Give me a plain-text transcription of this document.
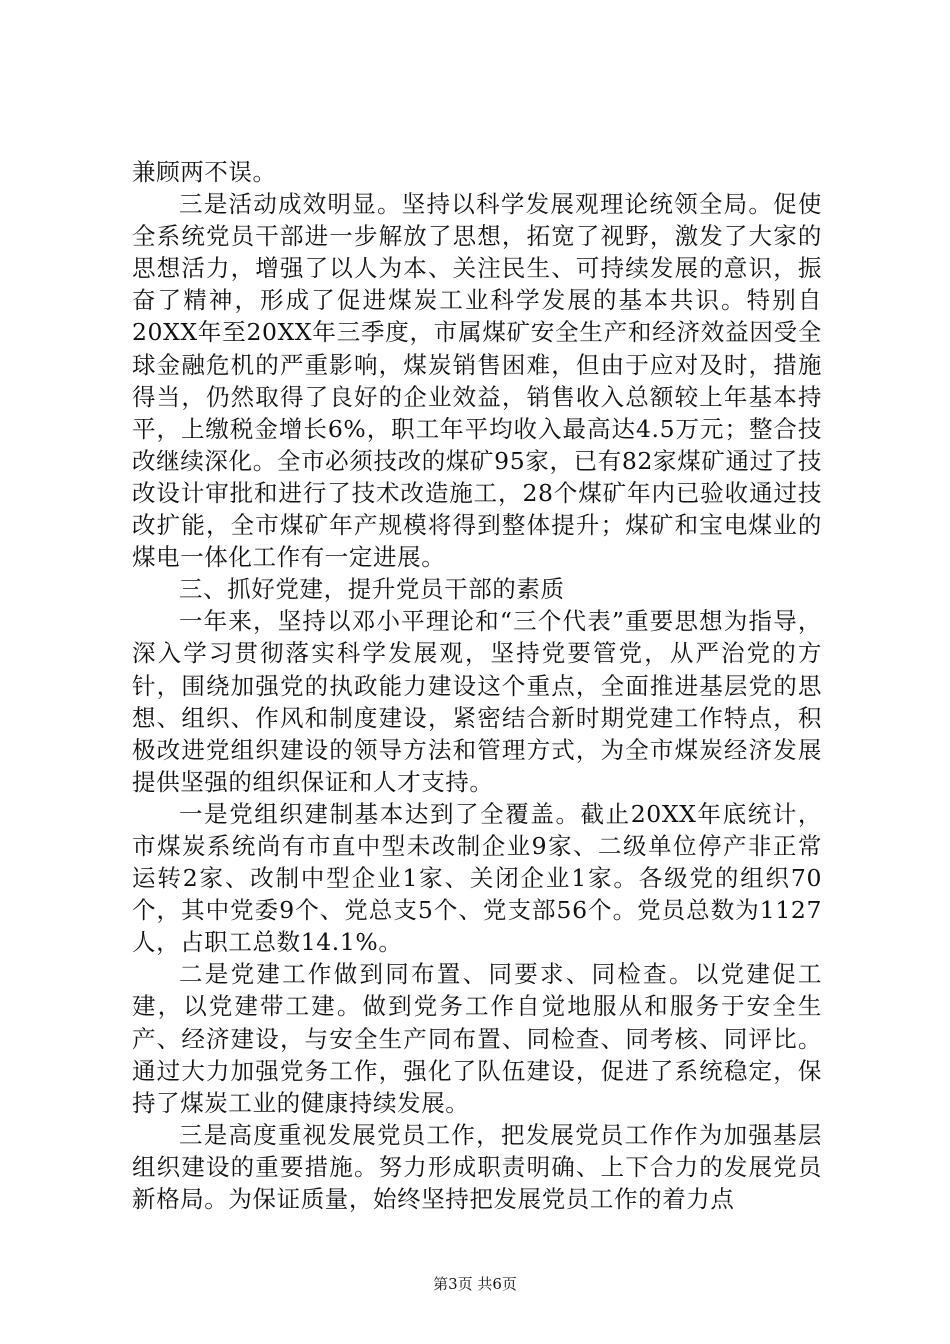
兼顾两不误。

三是活动成效明显。坚持以科学发展观理论统领全局。促使全系统党员干部进一步解放了思想，拓宽了视野，激发了大家的思想活力，增强了以人为本、关注民生、可持续发展的意识，振奋了精神，形成了促进煤炭工业科学发展的基本共识。特别自20XX年至20XX年三季度，市属煤矿安全生产和经济效益因受全球金融危机的严重影响，煤炭销售困难，但由于应对及时，措施得当，仍然取得了良好的企业效益，销售收入总额较上年基本持平，上缴税金增长6%，职工年平均收入最高达4.5万元；整合技改继续深化。全市必须技改的煤矿95家，已有82家煤矿通过了技改设计审批和进行了技术改造施工，28个煤矿年内已验收通过技改扩能，全市煤矿年产规模将得到整体提升；煤矿和宝电煤业的煤电一体化工作有一定进展。

三、抓好党建，提升党员干部的素质

一年来，坚持以邓小平理论和“三个代表”重要思想为指导，深入学习贯彻落实科学发展观，坚持党要管党，从严治党的方针，围绕加强党的执政能力建设这个重点，全面推进基层党的思想、组织、作风和制度建设，紧密结合新时期党建工作特点，积极改进党组织建设的领导方法和管理方式，为全市煤炭经济发展提供坚强的组织保证和人才支持。

一是党组织建制基本达到了全覆盖。截止20XX年底统计，市煤炭系统尚有市直中型未改制企业9家、二级单位停产非正常运转2家、改制中型企业1家、关闭企业1家。各级党的组织70个，其中党委9个、党总支5个、党支部56个。党员总数为1127人，占职工总数14.1%。

二是党建工作做到同布置、同要求、同检查。以党建促工建，以党建带工建。做到党务工作自觉地服从和服务于安全生产、经济建设，与安全生产同布置、同检查、同考核、同评比。通过大力加强党务工作，强化了队伍建设，促进了系统稳定，保持了煤炭工业的健康持续发展。

三是高度重视发展党员工作，把发展党员工作作为加强基层组织建设的重要措施。努力形成职责明确、上下合力的发展党员新格局。为保证质量，始终坚持把发展党员工作的着力点

第3页 共6页
